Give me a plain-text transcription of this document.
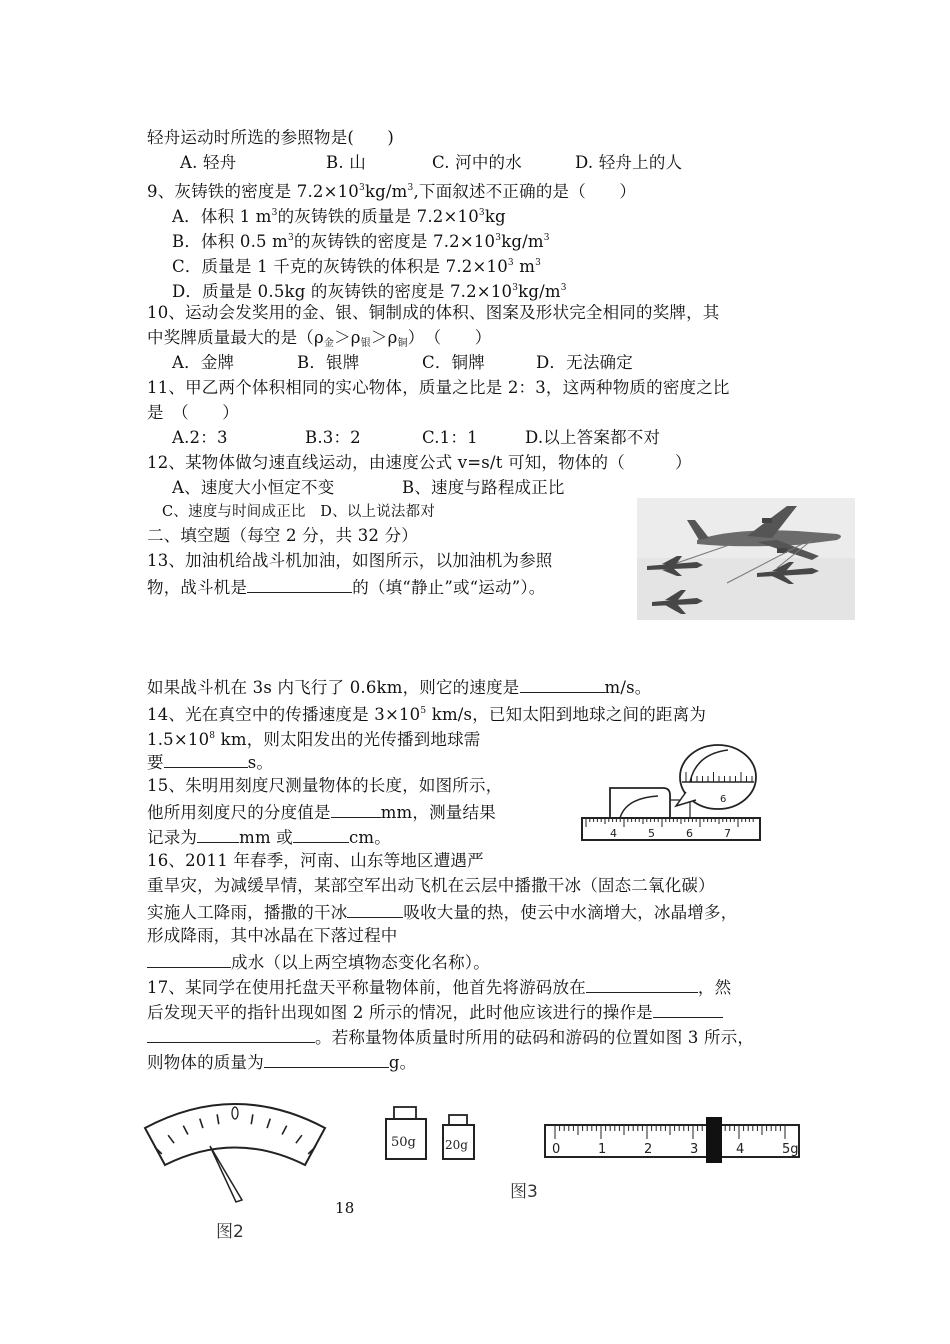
轻舟运动时所选的参照物是(　　)
A. 轻舟	B. 山	C. 河中的水	D. 轻舟上的人
9、灰铸铁的密度是 $7.2\times 10^3kg/m^3$,下面叙述不正确的是（　　）
A．体积 1 $m^3$的灰铸铁的质量是 $7.2\times 10^3kg$
B．体积 0.5 $m^3$的灰铸铁的密度是 $7.2\times 10^3kg/m^3$
C．质量是 1 千克的灰铸铁的体积是 $7.2\times 10^3$ $m^3$
D．质量是 0.5kg 的灰铸铁的密度是 $7.2\times 10^3kg/m^3$
10、运动会发奖用的金、银、铜制成的体积、图案及形状完全相同的奖牌，其
中奖牌质量最大的是$(\rho_金>\rho_银>\rho_铜)$　（　　）
A．金牌	B．银牌	C．铜牌	D．无法确定
11、甲乙两个体积相同的实心物体，质量之比是 2：3，这两种物质的密度之比
是　（　　）
A.2：3	B.3：2	C.1：1	D.以上答案都不对
12、某物体做匀速直线运动，由速度公式 v=s/t 可知，物体的（　　　）
A、速度大小恒定不变	B、速度与路程成正比
C、速度与时间成正比　D、以上说法都对
二、填空题（每空 2 分，共 32 分）
13、加油机给战斗机加油，如图所示，以加油机为参照
物，战斗机是	的（填“静止”或“运动”）。
如果战斗机在 3s 内飞行了 0.6km，则它的速度是	m/s。
14、光在真空中的传播速度是 $3\times 10^5$ km/s，已知太阳到地球之间的距离为
$1.5\times 10^8$ km，则太阳发出的光传播到地球需
要	s。
15、朱明用刻度尺测量物体的长度，如图所示，
他所用刻度尺的分度值是	mm，测量结果
记录为	mm 或	cm。
6
4	5	6	7
16、2011 年春季，河南、山东等地区遭遇严
重旱灾，为减缓旱情，某部空军出动飞机在云层中播撒干冰（固态二氧化碳）
实施人工降雨，播撒的干冰	吸收大量的热，使云中水滴增大，冰晶增多，
形成降雨，其中冰晶在下落过程中
成水（以上两空填物态变化名称）。
17、某同学在使用托盘天平称量物体前，他首先将游码放在	，然
后发现天平的指针出现如图 2 所示的情况，此时他应该进行的操作是
。若称量物体质量时所用的砝码和游码的位置如图 3 所示，
则物体的质量为	g。
图2
18
50g 20g	0	1	2	3	4	5g
图3
